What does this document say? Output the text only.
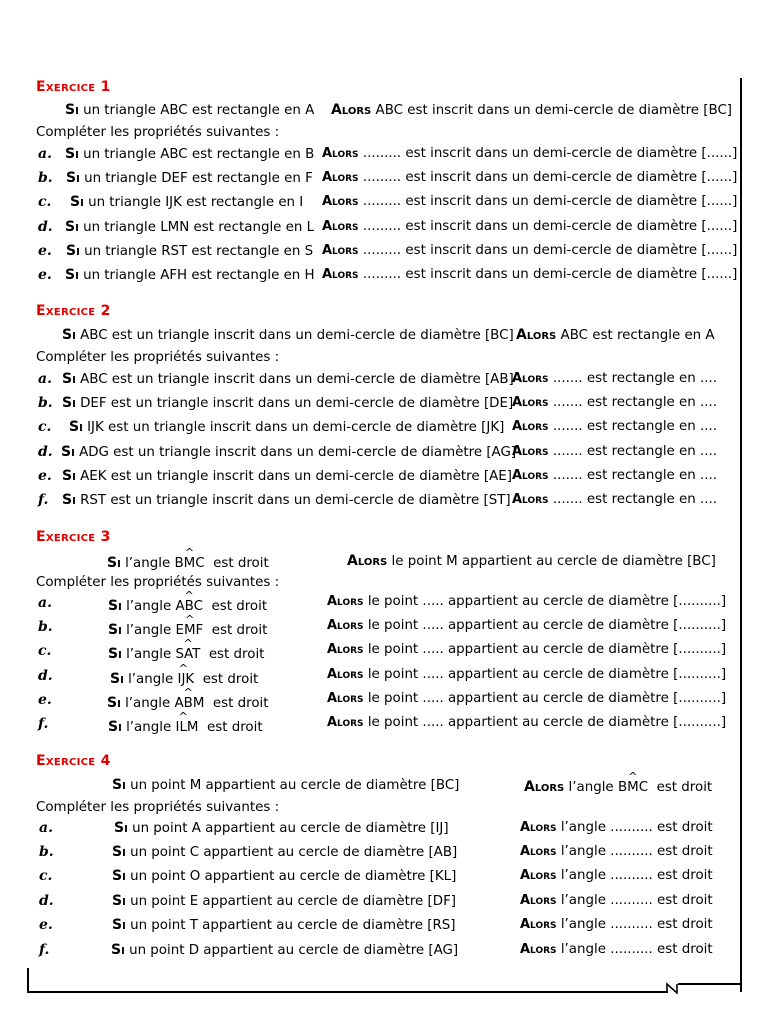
Exercice 1
Si un triangle ABC est rectangle en A Alors ABC est inscrit dans un demi-cercle de diamètre [BC]
Compléter les propriétés suivantes :
a. Si un triangle ABC est rectangle en B Alors ......... est inscrit dans un demi-cercle de diamètre [......]
b. Si un triangle DEF est rectangle en F Alors ......... est inscrit dans un demi-cercle de diamètre [......]
c. Si un triangle IJK est rectangle en I Alors ......... est inscrit dans un demi-cercle de diamètre [......]
d. Si un triangle LMN est rectangle en L Alors ......... est inscrit dans un demi-cercle de diamètre [......]
e. Si un triangle RST est rectangle en S Alors ......... est inscrit dans un demi-cercle de diamètre [......]
e. Si un triangle AFH est rectangle en H Alors ......... est inscrit dans un demi-cercle de diamètre [......]
Exercice 2
Si ABC est un triangle inscrit dans un demi-cercle de diamètre [BC] Alors ABC est rectangle en A
Compléter les propriétés suivantes :
a. Si ABC est un triangle inscrit dans un demi-cercle de diamètre [AB]
Alors ....... est rectangle en ....
b. Si DEF est un triangle inscrit dans un demi-cercle de diamètre [DE]
Alors ....... est rectangle en ....
c. Si IJK est un triangle inscrit dans un demi-cercle de diamètre [JK] Alors ....... est rectangle en ....
d. Si ADG est un triangle inscrit dans un demi-cercle de diamètre [AG]
Alors ....... est rectangle en ....
e. Si AEK est un triangle inscrit dans un demi-cercle de diamètre [AE] Alors ....... est rectangle en ....
f. Si RST est un triangle inscrit dans un demi-cercle de diamètre [ST] Alors ....... est rectangle en ....
Exercice 3
Si l’angle B
^
MC est droit	Alors le point M appartient au cercle de diamètre [BC]
Compléter les propriétés suivantes :
a.	Si l’angle A
^
BC est droit	Alors le point ..... appartient au cercle de diamètre [..........]
b.	Si l’angle E
^
MF est droit	Alors le point ..... appartient au cercle de diamètre [..........]
c.	Si l’angle S
^
AT est droit	Alors le point ..... appartient au cercle de diamètre [..........]
d.	Si l’angle I
^
JK est droit	Alors le point ..... appartient au cercle de diamètre [..........]
e.	Si l’angle A
^
BM est droit	Alors le point ..... appartient au cercle de diamètre [..........]
f.	Si l’angle I
^
LM est droit	Alors le point ..... appartient au cercle de diamètre [..........]
Exercice 4
Si un point M appartient au cercle de diamètre [BC]	Alors l’angle B
^
MC est droit
Compléter les propriétés suivantes :
a.	Si un point A appartient au cercle de diamètre [IJ]	Alors l’angle .......... est droit
b.	Si un point C appartient au cercle de diamètre [AB]	Alors l’angle .......... est droit
c.	Si un point O appartient au cercle de diamètre [KL]	Alors l’angle .......... est droit
d.	Si un point E appartient au cercle de diamètre [DF]	Alors l’angle .......... est droit
e.	Si un point T appartient au cercle de diamètre [RS]	Alors l’angle .......... est droit
f.	Si un point D appartient au cercle de diamètre [AG]	Alors l’angle .......... est droit
